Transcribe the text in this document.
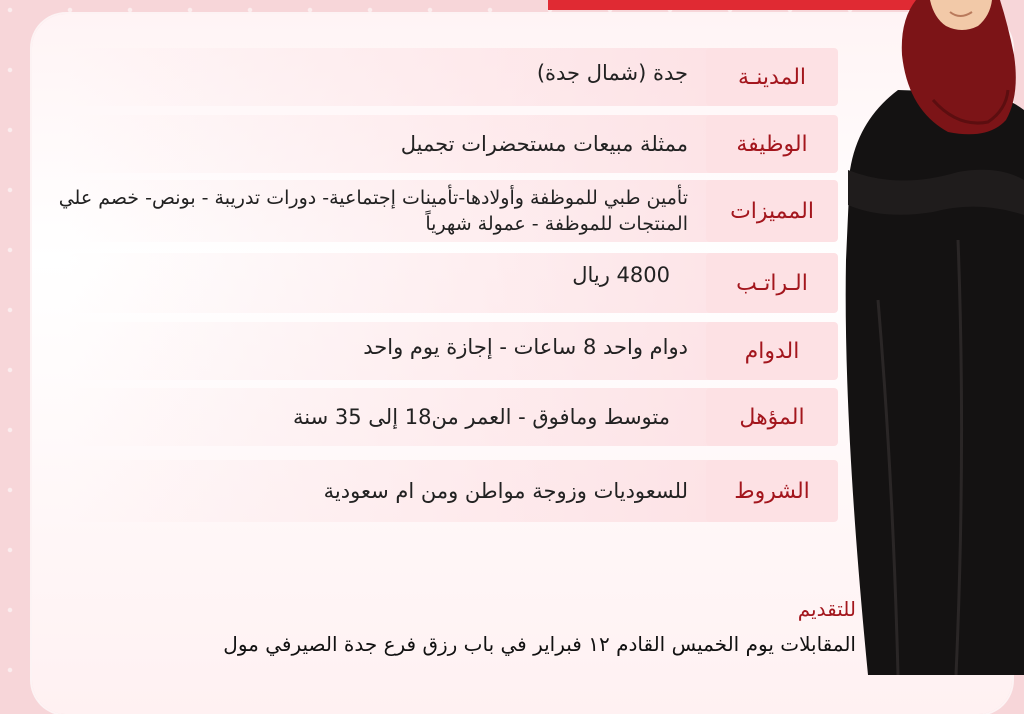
المدينـة
جدة (شمال جدة)
الوظيفة
ممثلة مبيعات مستحضرات تجميل
المميزات
تأمين طبي للموظفة وأولادها-تأمينات إجتماعية- دورات تدريبة - بونص- خصم علي المنتجات للموظفة - عمولة شهرياً
الـراتـب
4800 ريال
الدوام
دوام واحد 8 ساعات - إجازة يوم واحد
المؤهل
متوسط ومافوق - العمر من18 إلى 35 سنة
الشروط
للسعوديات وزوجة مواطن ومن ام سعودية
للتقديم
المقابلات يوم الخميس القادم ١٢ فبراير في باب رزق فرع جدة الصيرفي مول
